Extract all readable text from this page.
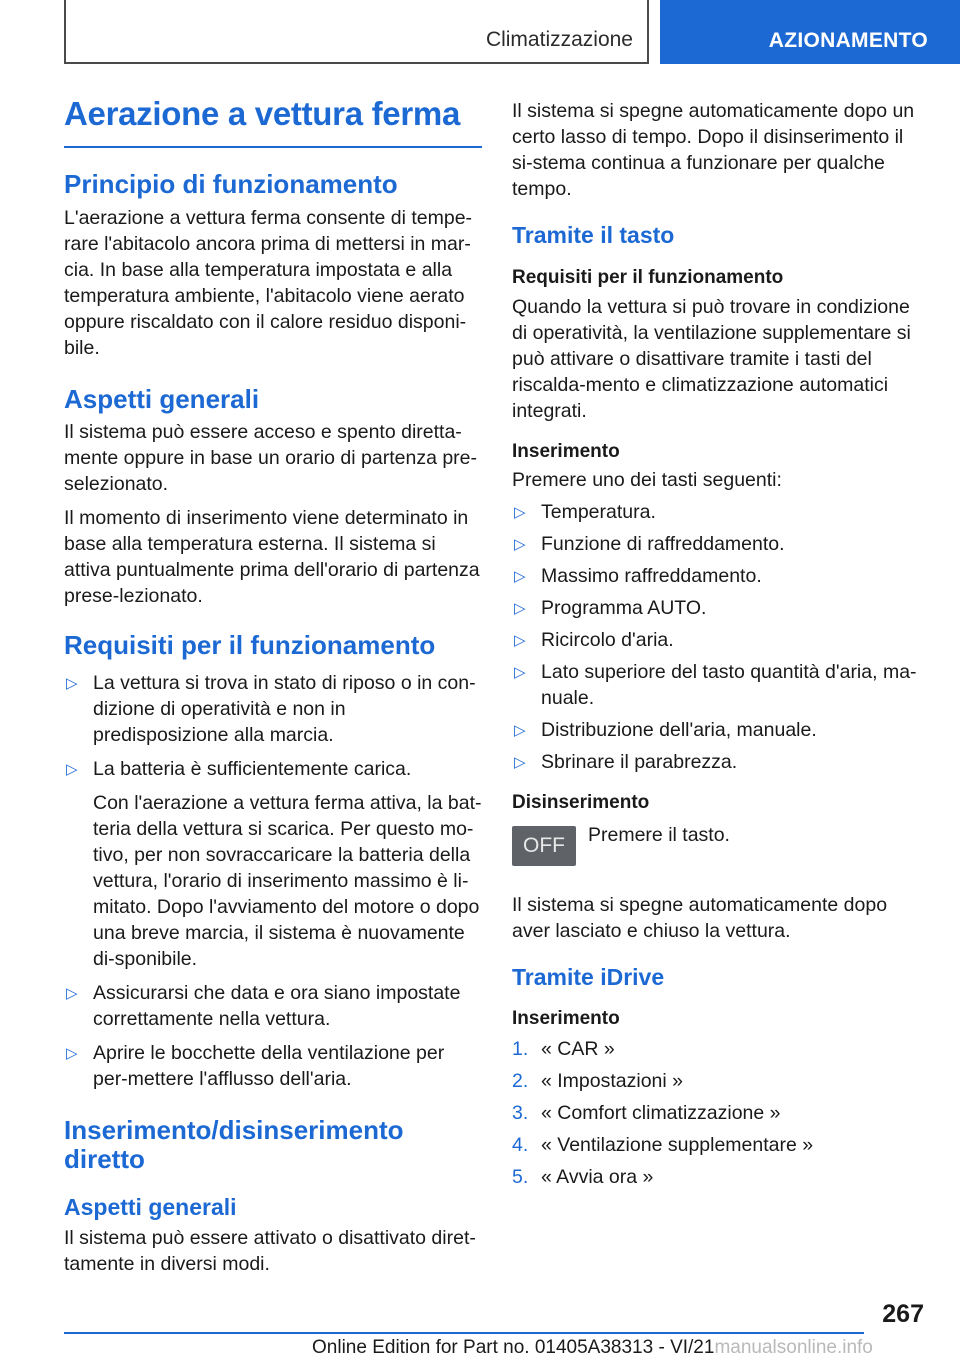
Climatizzazione	AZIONAMENTO
Aerazione a vettura ferma
Principio di funzionamento

L'aerazione a vettura ferma consente di tempe-rare l'abitacolo ancora prima di mettersi in mar-cia. In base alla temperatura impostata e alla temperatura ambiente, l'abitacolo viene aerato oppure riscaldato con il calore residuo disponi-bile.

Aspetti generali

Il sistema può essere acceso e spento diretta-mente oppure in base un orario di partenza pre-selezionato.

Il momento di inserimento viene determinato in base alla temperatura esterna. Il sistema si attiva puntualmente prima dell'orario di partenza prese-lezionato.

Requisiti per il funzionamento
▷ La vettura si trova in stato di riposo o in con-dizione di operatività e non in predisposizione alla marcia.
▷ La batteria è sufficientemente carica.

Con l'aerazione a vettura ferma attiva, la bat-teria della vettura si scarica. Per questo mo-tivo, per non sovraccaricare la batteria della vettura, l'orario di inserimento massimo è li-mitato. Dopo l'avviamento del motore o dopo una breve marcia, il sistema è nuovamente di-sponibile.

▷ Assicurarsi che data e ora siano impostate correttamente nella vettura.
▷ Aprire le bocchette della ventilazione per per-mettere l'afflusso dell'aria.
Inserimento/disinserimento
diretto
Aspetti generali

Il sistema può essere attivato o disattivato diret-tamente in diversi modi.

Il sistema si spegne automaticamente dopo un certo lasso di tempo. Dopo il disinserimento il si-stema continua a funzionare per qualche tempo.

Tramite il tasto
Requisiti per il funzionamento

Quando la vettura si può trovare in condizione di operatività, la ventilazione supplementare si può attivare o disattivare tramite i tasti del riscalda-mento e climatizzazione automatici integrati.

Inserimento

Premere uno dei tasti seguenti:

▷ Temperatura.
▷ Funzione di raffreddamento.
▷ Massimo raffreddamento.
▷ Programma AUTO.
▷ Ricircolo d'aria.
▷ Lato superiore del tasto quantità d'aria, ma-nuale.
▷ Distribuzione dell'aria, manuale.
▷ Sbrinare il parabrezza.
Disinserimento
OFF	Premere il tasto.

Il sistema si spegne automaticamente dopo aver lasciato e chiuso la vettura.

Tramite iDrive
Inserimento
1. « CAR »
2. « Impostazioni »
3. « Comfort climatizzazione »
4. « Ventilazione supplementare »
5. « Avvia ora »
267
Online Edition for Part no. 01405A38313 - VI/21manualsonline.info
